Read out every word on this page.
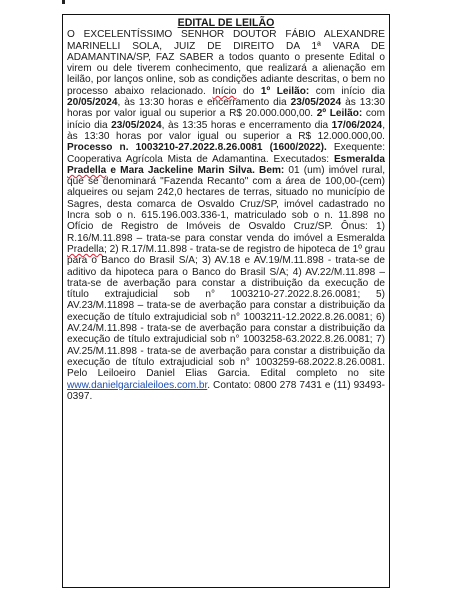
EDITAL DE LEILÃO

O EXCELENTÍSSIMO SENHOR DOUTOR FÁBIO ALEXANDRE MARINELLI SOLA, JUIZ DE DIREITO DA 1ª VARA DE ADAMANTINA/SP, FAZ SABER a todos quanto o presente Edital o virem ou dele tiverem conhecimento, que realizará a alienação em leilão, por lanços online, sob as condições adiante descritas, o bem no processo abaixo relacionado. Início do 1º Leilão: com início dia 20/05/2024, às 13:30 horas e encerramento dia 23/05/2024 às 13:30 horas por valor igual ou superior a R$ 20.000.000,00. 2º Leilão: com início dia 23/05/2024, às 13:35 horas e encerramento dia 17/06/2024, às 13:30 horas por valor igual ou superior a R$ 12.000.000,00. Processo n. 1003210-27.2022.8.26.0081 (1600/2022). Exequente: Cooperativa Agrícola Mista de Adamantina. Executados: Esmeralda Pradella e Mara Jackeline Marin Silva. Bem: 01 (um) imóvel rural, que se denominará "Fazenda Recanto" com a área de 100,00-(cem) alqueires ou sejam 242,0 hectares de terras, situado no município de Sagres, desta comarca de Osvaldo Cruz/SP, imóvel cadastrado no Incra sob o n. 615.196.003.336-1, matriculado sob o n. 11.898 no Ofício de Registro de Imóveis de Osvaldo Cruz/SP. Ônus: 1) R.16/M.11.898 – trata-se para constar venda do imóvel a Esmeralda Pradella; 2) R.17/M.11.898 - trata-se de registro de hipoteca de 1º grau para o Banco do Brasil S/A; 3) AV.18 e AV.19/M.11.898 - trata-se de aditivo da hipoteca para o Banco do Brasil S/A; 4) AV.22/M.11.898 – trata-se de averbação para constar a distribuição da execução de título extrajudicial sob n° 1003210-27.2022.8.26.0081; 5) AV.23/M.11898 – trata-se de averbação para constar a distribuição da execução de título extrajudicial sob n° 1003211-12.2022.8.26.0081; 6) AV.24/M.11.898 - trata-se de averbação para constar a distribuição da execução de título extrajudicial sob n° 1003258-63.2022.8.26.0081; 7) AV.25/M.11.898 - trata-se de averbação para constar a distribuição da execução de título extrajudicial sob n° 1003259-68.2022.8.26.0081. Pelo Leiloeiro Daniel Elias Garcia. Edital completo no site www.danielgarcialeiloes.com.br. Contato: 0800 278 7431 e (11) 93493-0397.
